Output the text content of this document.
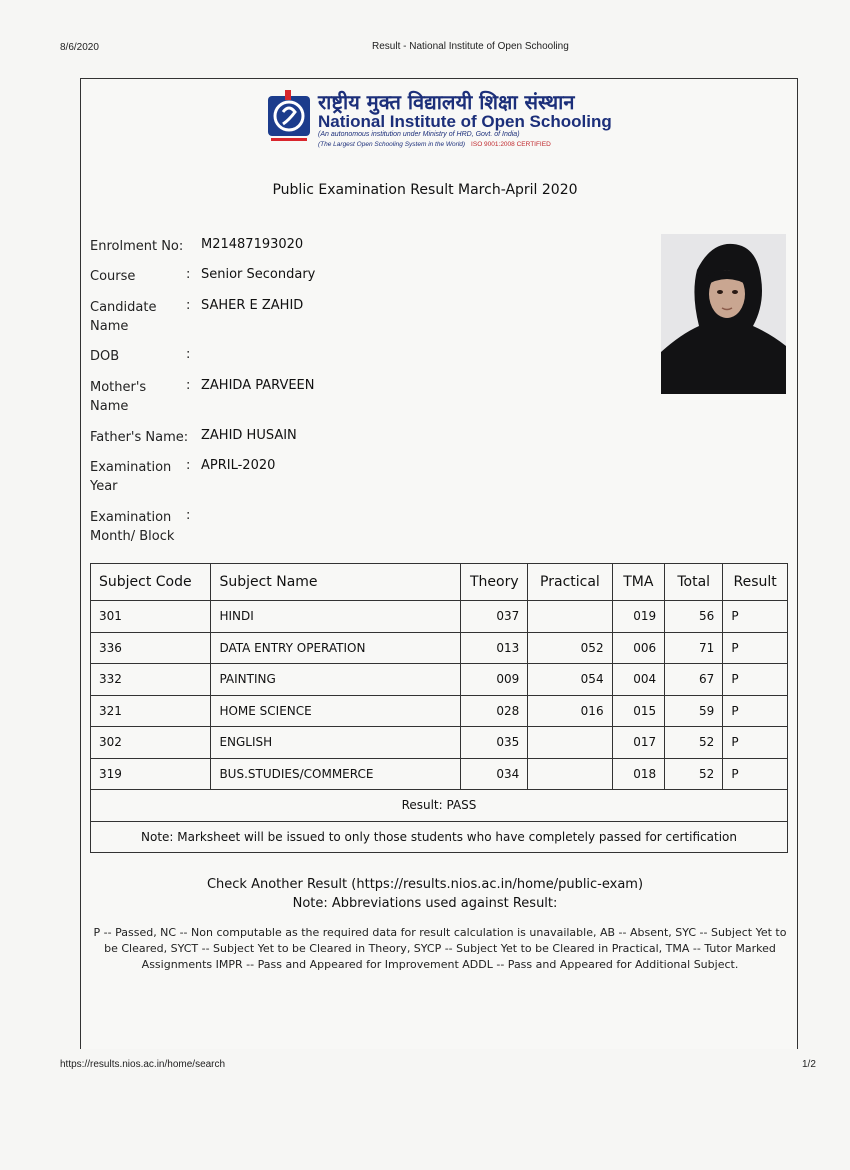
8/6/2020	Result - National Institute of Open Schooling
राष्ट्रीय मुक्त विद्यालयी शिक्षा संस्थान
National Institute of Open Schooling
(An autonomous institution under Ministry of HRD, Govt. of India)
(The Largest Open Schooling System in the World) ISO 9001:2008 CERTIFIED
Public Examination Result March-April 2020
Enrolment No:	M21487193020
Course	: Senior Secondary
Candidate Name
: SAHER E ZAHID
DOB	:
Mother's Name
: ZAHIDA PARVEEN
Father's Name: ZAHID HUSAIN
Examination Year
: APRIL-2020
Examination Month/ Block
:
Subject Code	Subject Name	Theory	Practical	TMA	Total	Result
301	HINDI	037		019	56	P
336	DATA ENTRY OPERATION	013	052	006	71	P
332	PAINTING	009	054	004	67	P
321	HOME SCIENCE	028	016	015	59	P
302	ENGLISH	035		017	52	P
319	BUS.STUDIES/COMMERCE	034		018	52	P
Result: PASS						
Note: Marksheet will be issued to only those students who have completely passed for certification						
Check Another Result (https://results.nios.ac.in/home/public-exam)
Note: Abbreviations used against Result:
P -- Passed, NC -- Non computable as the required data for result calculation is unavailable, AB -- Absent, SYC -- Subject Yet to be Cleared, SYCT -- Subject Yet to be Cleared in Theory, SYCP -- Subject Yet to be Cleared in Practical, TMA -- Tutor Marked Assignments IMPR -- Pass and Appeared for Improvement ADDL -- Pass and Appeared for Additional Subject.
https://results.nios.ac.in/home/search	1/2
